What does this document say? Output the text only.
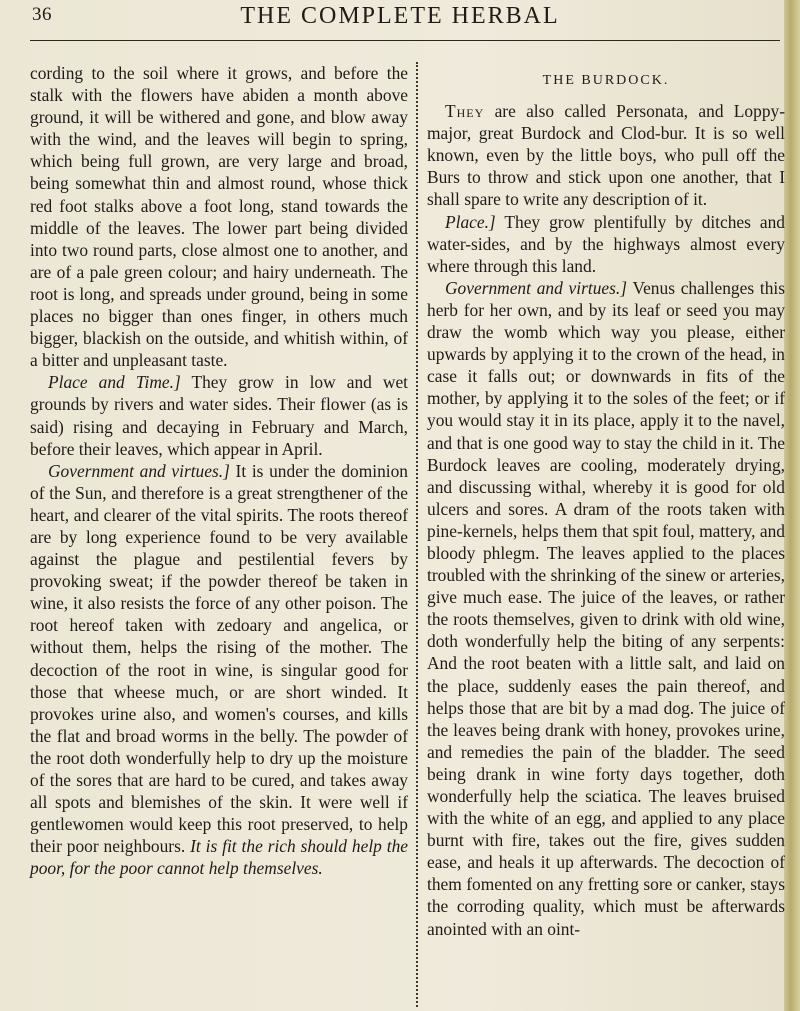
36	THE COMPLETE HERBAL

cording to the soil where it grows, and before the stalk with the flowers have abiden a month above ground, it will be withered and gone, and blow away with the wind, and the leaves will begin to spring, which being full grown, are very large and broad, being somewhat thin and almost round, whose thick red foot stalks above a foot long, stand towards the middle of the leaves. The lower part being divided into two round parts, close almost one to another, and are of a pale green colour; and hairy underneath. The root is long, and spreads under ground, being in some places no bigger than ones finger, in others much bigger, blackish on the outside, and whitish within, of a bitter and unpleasant taste.

Place and Time.] They grow in low and wet grounds by rivers and water sides. Their flower (as is said) rising and decaying in February and March, before their leaves, which appear in April.

Government and virtues.] It is under the dominion of the Sun, and therefore is a great strengthener of the heart, and clearer of the vital spirits. The roots thereof are by long experience found to be very available against the plague and pestilential fevers by provoking sweat; if the powder thereof be taken in wine, it also resists the force of any other poison. The root hereof taken with zedoary and angelica, or without them, helps the rising of the mother. The decoction of the root in wine, is singular good for those that wheese much, or are short winded. It provokes urine also, and women's courses, and kills the flat and broad worms in the belly. The powder of the root doth wonderfully help to dry up the moisture of the sores that are hard to be cured, and takes away all spots and blemishes of the skin. It were well if gentlewomen would keep this root preserved, to help their poor neighbours. It is fit the rich should help the poor, for the poor cannot help themselves.

THE BURDOCK.

They are also called Personata, and Loppy-major, great Burdock and Clod-bur. It is so well known, even by the little boys, who pull off the Burs to throw and stick upon one another, that I shall spare to write any description of it.

Place.] They grow plentifully by ditches and water-sides, and by the highways almost every where through this land.

Government and virtues.] Venus challenges this herb for her own, and by its leaf or seed you may draw the womb which way you please, either upwards by applying it to the crown of the head, in case it falls out; or downwards in fits of the mother, by applying it to the soles of the feet; or if you would stay it in its place, apply it to the navel, and that is one good way to stay the child in it. The Burdock leaves are cooling, moderately drying, and discussing withal, whereby it is good for old ulcers and sores. A dram of the roots taken with pine-kernels, helps them that spit foul, mattery, and bloody phlegm. The leaves applied to the places troubled with the shrinking of the sinew or arteries, give much ease. The juice of the leaves, or rather the roots themselves, given to drink with old wine, doth wonderfully help the biting of any serpents: And the root beaten with a little salt, and laid on the place, suddenly eases the pain thereof, and helps those that are bit by a mad dog. The juice of the leaves being drank with honey, provokes urine, and remedies the pain of the bladder. The seed being drank in wine forty days together, doth wonderfully help the sciatica. The leaves bruised with the white of an egg, and applied to any place burnt with fire, takes out the fire, gives sudden ease, and heals it up afterwards. The decoction of them fomented on any fretting sore or canker, stays the corroding quality, which must be afterwards anointed with an oint-
